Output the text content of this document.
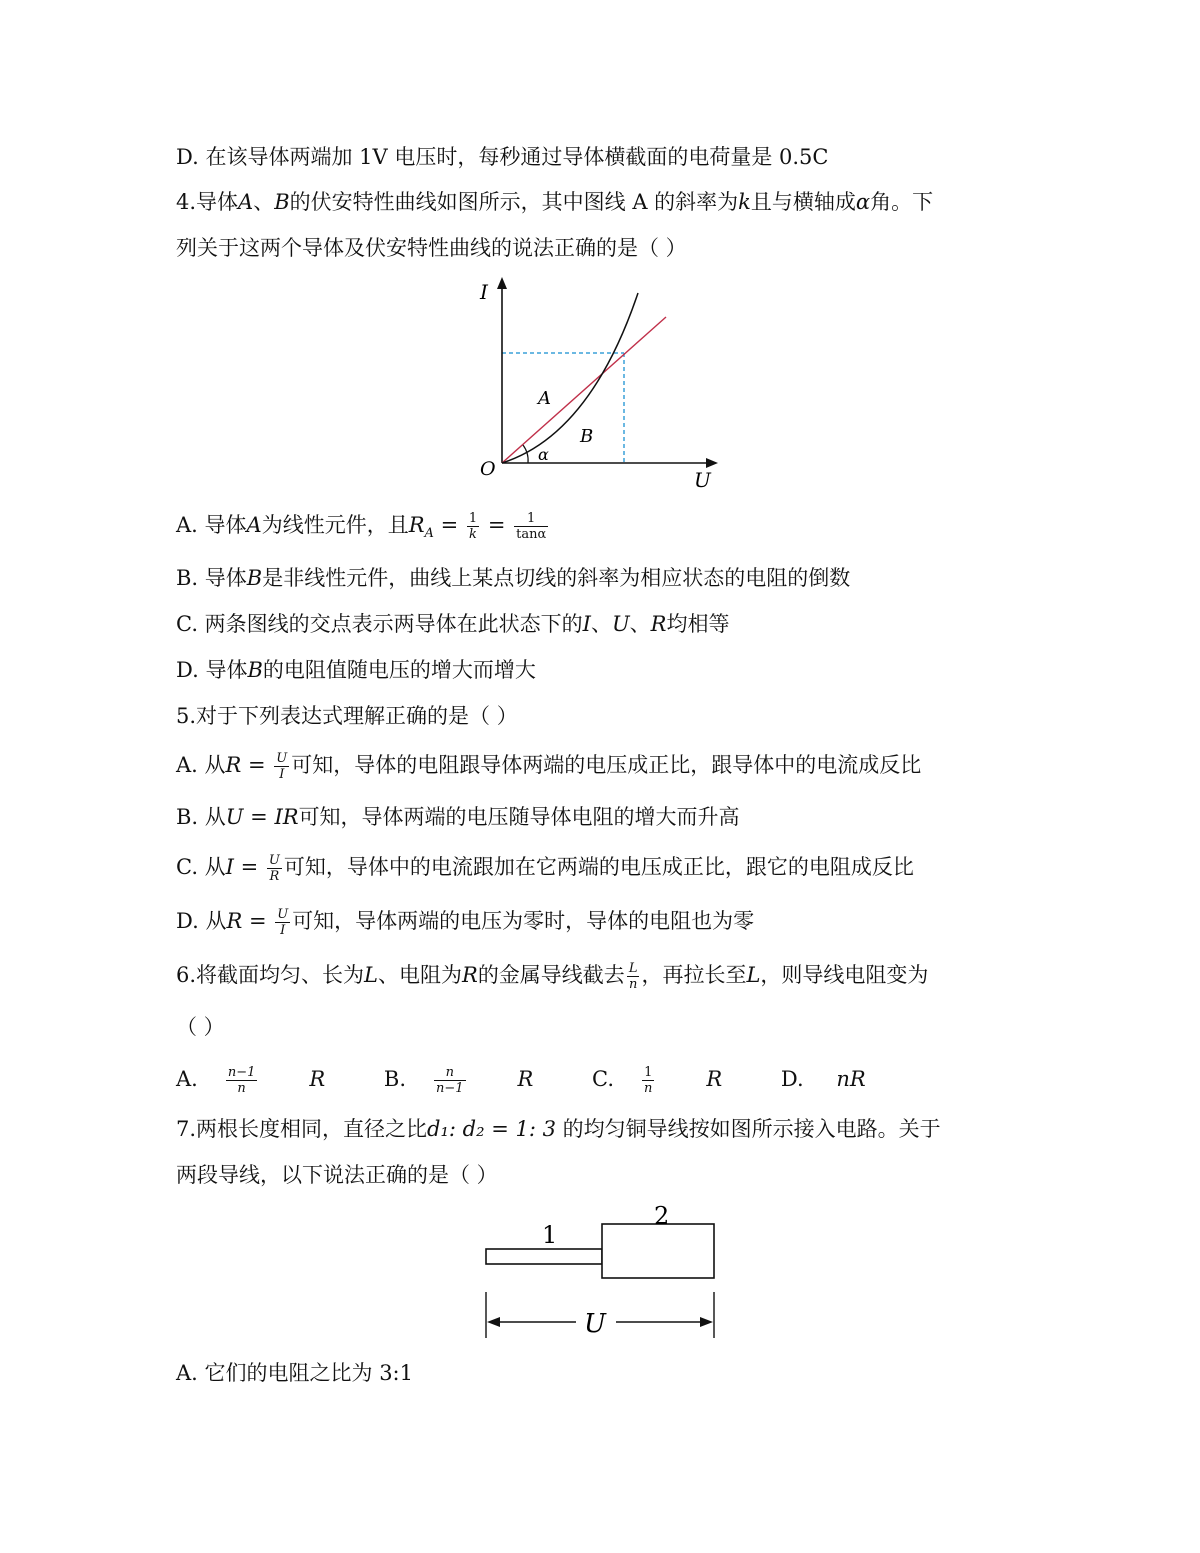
D. 在该导体两端加 1V 电压时，每秒通过导体横截面的电荷量是 0.5C
4.导体A、B的伏安特性曲线如图所示，其中图线 A 的斜率为k且与横轴成α角。下
列关于这两个导体及伏安特性曲线的说法正确的是（ ）
I
U
O
A
B
α
A. 导体A为线性元件，且$R_A = \frac{1}{k} = \frac{1}{\tan\alpha}$
B. 导体B是非线性元件，曲线上某点切线的斜率为相应状态的电阻的倒数
C. 两条图线的交点表示两导体在此状态下的I、U、R均相等
D. 导体B的电阻值随电压的增大而增大
5.对于下列表达式理解正确的是（ ）
A. 从$R = \frac{U}{I}$ 可知，导体的电阻跟导体两端的电压成正比，跟导体中的电流成反比
B. 从U = IR可知，导体两端的电压随导体电阻的增大而升高
C. 从$I = \frac{U}{R}$ 可知，导体中的电流跟加在它两端的电压成正比，跟它的电阻成反比
D. 从$R = \frac{U}{I}$ 可知，导体两端的电压为零时，导体的电阻也为零
6.将截面均匀、长为L、电阻为R的金属导线截去 $\frac{L}{n}$ ，再拉长至L，则导线电阻变为
（ ）
A. $\frac{n-1}{n}$ R	B. $\frac{n}{n-1}$ R	C. $\frac{1}{n}$ R	D. nR
7.两根长度相同，直径之比d₁: d₂ = 1: 3 的均匀铜导线按如图所示接入电路。关于
两段导线，以下说法正确的是（ ）
1
2
U
A. 它们的电阻之比为 3:1
